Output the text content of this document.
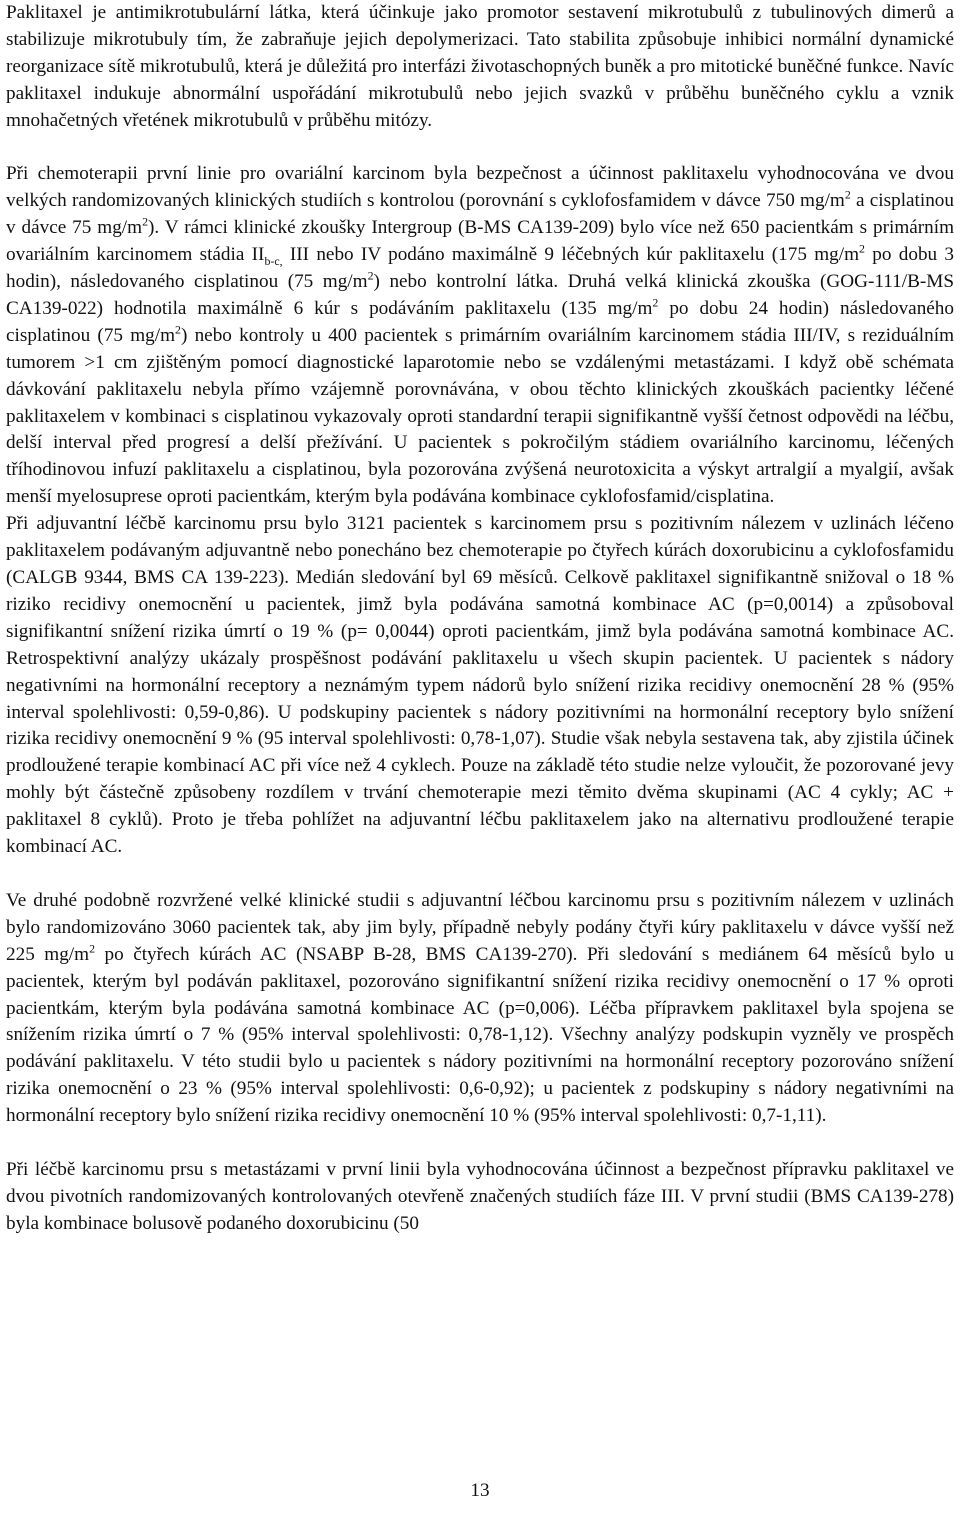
Paklitaxel je antimikrotubulární látka, která účinkuje jako promotor sestavení mikrotubulů z tubulinových dimerů a stabilizuje mikrotubuly tím, že zabraňuje jejich depolymerizaci. Tato stabilita způsobuje inhibici normální dynamické reorganizace sítě mikrotubulů, která je důležitá pro interfázi životaschopných buněk a pro mitotické buněčné funkce. Navíc paklitaxel indukuje abnormální uspořádání mikrotubulů nebo jejich svazků v průběhu buněčného cyklu a vznik mnohačetných vřetének mikrotubulů v průběhu mitózy.

Při chemoterapii první linie pro ovariální karcinom byla bezpečnost a účinnost paklitaxelu vyhodnocována ve dvou velkých randomizovaných klinických studiích s kontrolou (porovnání s cyklofosfamidem v dávce 750 $mg/m^2$ a cisplatinou v dávce 75 $mg/m^2$). V rámci klinické zkoušky Intergroup (B-MS CA139-209) bylo více než 650 pacientkám s primárním ovariálním karcinomem stádia $II_{b-c,}$ III nebo IV podáno maximálně 9 léčebných kúr paklitaxelu (175 $mg/m^2$ po dobu 3 hodin), následovaného cisplatinou (75 $mg/m^2$) nebo kontrolní látka. Druhá velká klinická zkouška (GOG-111/B-MS CA139-022) hodnotila maximálně 6 kúr s podáváním paklitaxelu (135 $mg/m^2$ po dobu 24 hodin) následovaného cisplatinou (75 $mg/m^2$) nebo kontroly u 400 pacientek s primárním ovariálním karcinomem stádia III/IV, s reziduálním tumorem >1 cm zjištěným pomocí diagnostické laparotomie nebo se vzdálenými metastázami. I když obě schémata dávkování paklitaxelu nebyla přímo vzájemně porovnávána, v obou těchto klinických zkouškách pacientky léčené paklitaxelem v kombinaci s cisplatinou vykazovaly oproti standardní terapii signifikantně vyšší četnost odpovědi na léčbu, delší interval před progresí a delší přežívání. U pacientek s pokročilým stádiem ovariálního karcinomu, léčených tříhodinovou infuzí paklitaxelu a cisplatinou, byla pozorována zvýšená neurotoxicita a výskyt artralgií a myalgií, avšak menší myelosuprese oproti pacientkám, kterým byla podávána kombinace cyklofosfamid/cisplatina.

Při adjuvantní léčbě karcinomu prsu bylo 3121 pacientek s karcinomem prsu s pozitivním nálezem v uzlinách léčeno paklitaxelem podávaným adjuvantně nebo ponecháno bez chemoterapie po čtyřech kúrách doxorubicinu a cyklofosfamidu (CALGB 9344, BMS CA 139-223). Medián sledování byl 69 měsíců. Celkově paklitaxel signifikantně snižoval o 18 % riziko recidivy onemocnění u pacientek, jimž byla podávána samotná kombinace AC (p=0,0014) a způsoboval signifikantní snížení rizika úmrtí o 19 % (p= 0,0044) oproti pacientkám, jimž byla podávána samotná kombinace AC. Retrospektivní analýzy ukázaly prospěšnost podávání paklitaxelu u všech skupin pacientek. U pacientek s nádory negativními na hormonální receptory a neznámým typem nádorů bylo snížení rizika recidivy onemocnění 28 % (95% interval spolehlivosti: 0,59-0,86). U podskupiny pacientek s nádory pozitivními na hormonální receptory bylo snížení rizika recidivy onemocnění 9 % (95 interval spolehlivosti: 0,78-1,07). Studie však nebyla sestavena tak, aby zjistila účinek prodloužené terapie kombinací AC při více než 4 cyklech. Pouze na základě této studie nelze vyloučit, že pozorované jevy mohly být částečně způsobeny rozdílem v trvání chemoterapie mezi těmito dvěma skupinami (AC 4 cykly; AC + paklitaxel 8 cyklů). Proto je třeba pohlížet na adjuvantní léčbu paklitaxelem jako na alternativu prodloužené terapie kombinací AC.

Ve druhé podobně rozvržené velké klinické studii s adjuvantní léčbou karcinomu prsu s pozitivním nálezem v uzlinách bylo randomizováno 3060 pacientek tak, aby jim byly, případně nebyly podány čtyři kúry paklitaxelu v dávce vyšší než 225 $mg/m^2$ po čtyřech kúrách AC (NSABP B-28, BMS CA139-270). Při sledování s mediánem 64 měsíců bylo u pacientek, kterým byl podáván paklitaxel, pozorováno signifikantní snížení rizika recidivy onemocnění o 17 % oproti pacientkám, kterým byla podávána samotná kombinace AC (p=0,006). Léčba přípravkem paklitaxel byla spojena se snížením rizika úmrtí o 7 % (95% interval spolehlivosti: 0,78-1,12). Všechny analýzy podskupin vyzněly ve prospěch podávání paklitaxelu. V této studii bylo u pacientek s nádory pozitivními na hormonální receptory pozorováno snížení rizika onemocnění o 23 % (95% interval spolehlivosti: 0,6-0,92); u pacientek z podskupiny s nádory negativními na hormonální receptory bylo snížení rizika recidivy onemocnění 10 % (95% interval spolehlivosti: 0,7-1,11).

Při léčbě karcinomu prsu s metastázami v první linii byla vyhodnocována účinnost a bezpečnost přípravku paklitaxel ve dvou pivotních randomizovaných kontrolovaných otevřeně značených studiích fáze III. V první studii (BMS CA139-278) byla kombinace bolusově podaného doxorubicinu (50

13
